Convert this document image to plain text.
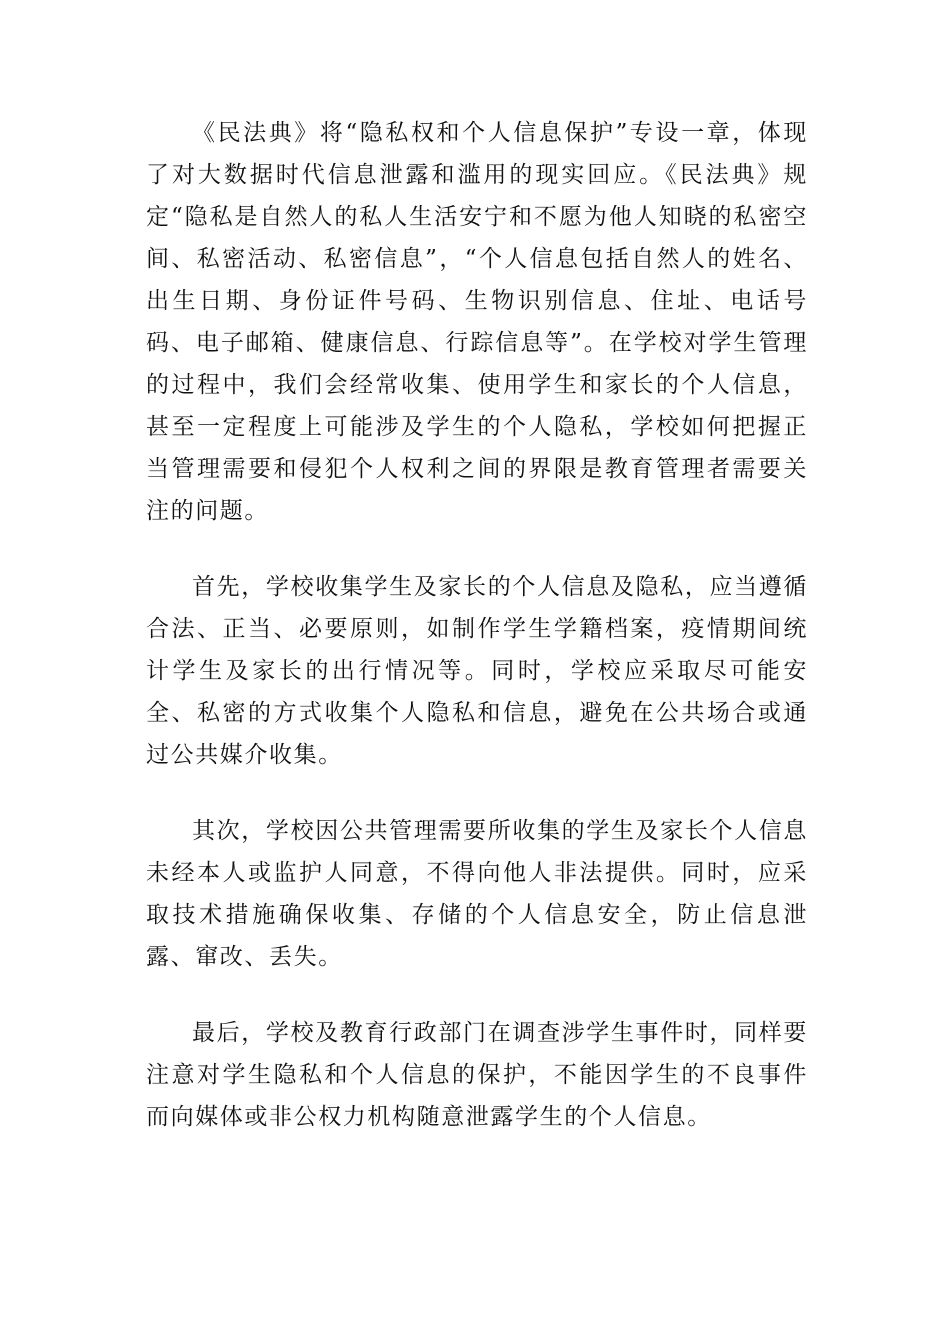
《民法典》将“隐私权和个人信息保护”专设一章，体现了对大数据时代信息泄露和滥用的现实回应。《民法典》规定“隐私是自然人的私人生活安宁和不愿为他人知晓的私密空间、私密活动、私密信息”，“个人信息包括自然人的姓名、出生日期、身份证件号码、生物识别信息、住址、电话号码、电子邮箱、健康信息、行踪信息等”。在学校对学生管理的过程中，我们会经常收集、使用学生和家长的个人信息，甚至一定程度上可能涉及学生的个人隐私，学校如何把握正当管理需要和侵犯个人权利之间的界限是教育管理者需要关注的问题。

首先，学校收集学生及家长的个人信息及隐私，应当遵循合法、正当、必要原则，如制作学生学籍档案，疫情期间统计学生及家长的出行情况等。同时，学校应采取尽可能安全、私密的方式收集个人隐私和信息，避免在公共场合或通过公共媒介收集。

其次，学校因公共管理需要所收集的学生及家长个人信息未经本人或监护人同意，不得向他人非法提供。同时，应采取技术措施确保收集、存储的个人信息安全，防止信息泄露、窜改、丢失。

最后，学校及教育行政部门在调查涉学生事件时，同样要注意对学生隐私和个人信息的保护，不能因学生的不良事件而向媒体或非公权力机构随意泄露学生的个人信息。
